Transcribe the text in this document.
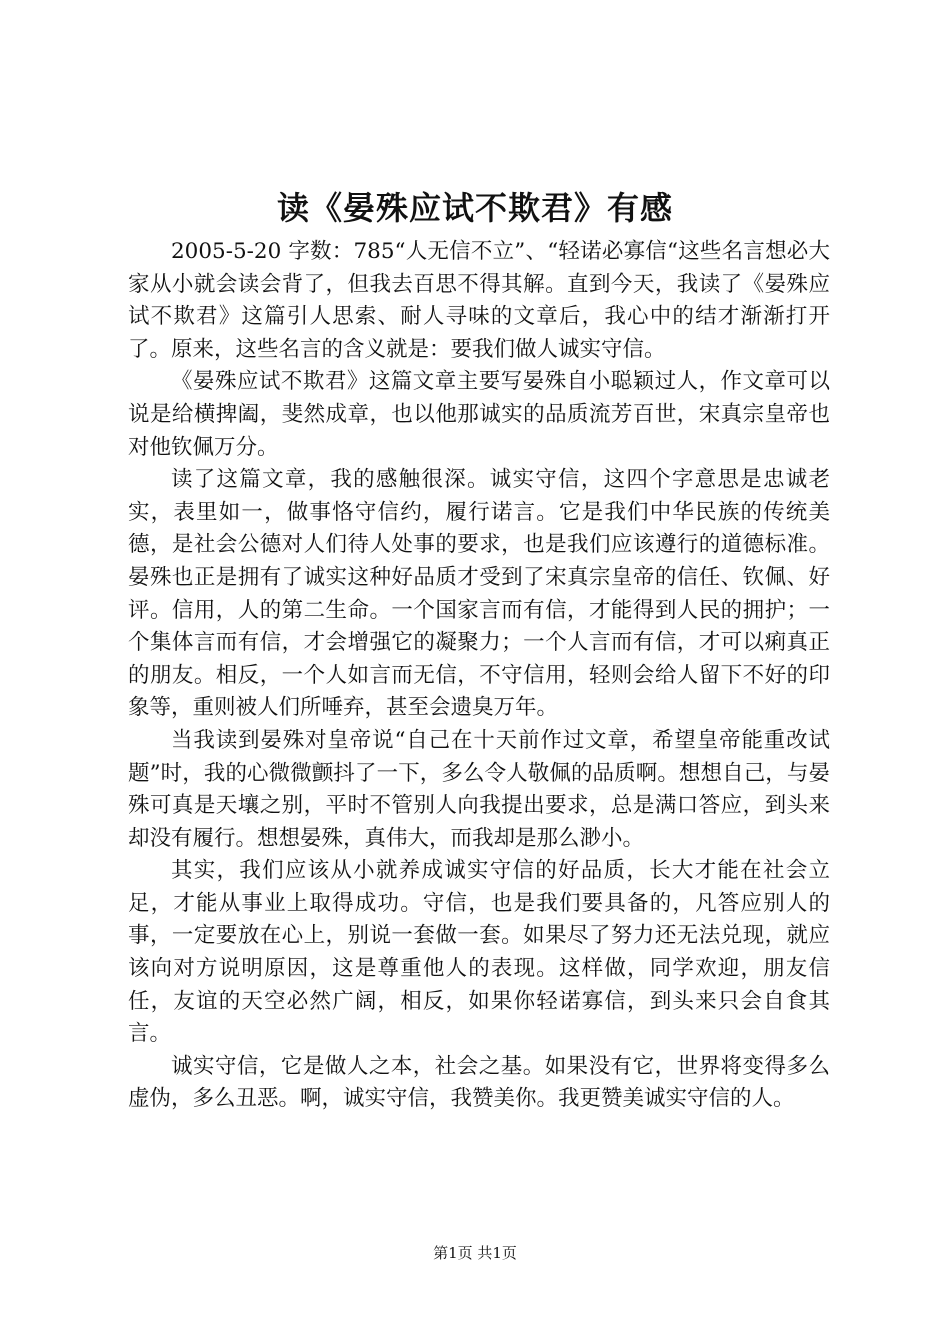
读《晏殊应试不欺君》有感

2005-5-20 字数：785“人无信不立”、“轻诺必寡信“这些名言想必大家从小就会读会背了，但我去百思不得其解。直到今天，我读了《晏殊应试不欺君》这篇引人思索、耐人寻味的文章后，我心中的结才渐渐打开了。原来，这些名言的含义就是：要我们做人诚实守信。

《晏殊应试不欺君》这篇文章主要写晏殊自小聪颖过人，作文章可以说是给横捭阖，斐然成章，也以他那诚实的品质流芳百世，宋真宗皇帝也对他钦佩万分。

读了这篇文章，我的感触很深。诚实守信，这四个字意思是忠诚老实，表里如一，做事恪守信约，履行诺言。它是我们中华民族的传统美德，是社会公德对人们待人处事的要求，也是我们应该遵行的道德标准。晏殊也正是拥有了诚实这种好品质才受到了宋真宗皇帝的信任、钦佩、好评。信用，人的第二生命。一个国家言而有信，才能得到人民的拥护；一个集体言而有信，才会增强它的凝聚力；一个人言而有信，才可以痢真正的朋友。相反，一个人如言而无信，不守信用，轻则会给人留下不好的印象等，重则被人们所唾弃，甚至会遗臭万年。

当我读到晏殊对皇帝说“自己在十天前作过文章，希望皇帝能重改试题”时，我的心微微颤抖了一下，多么令人敬佩的品质啊。想想自己，与晏殊可真是天壤之别，平时不管别人向我提出要求，总是满口答应，到头来却没有履行。想想晏殊，真伟大，而我却是那么渺小。

其实，我们应该从小就养成诚实守信的好品质，长大才能在社会立足，才能从事业上取得成功。守信，也是我们要具备的，凡答应别人的事，一定要放在心上，别说一套做一套。如果尽了努力还无法兑现，就应该向对方说明原因，这是尊重他人的表现。这样做，同学欢迎，朋友信任，友谊的天空必然广阔，相反，如果你轻诺寡信，到头来只会自食其言。

诚实守信，它是做人之本，社会之基。如果没有它，世界将变得多么虚伪，多么丑恶。啊，诚实守信，我赞美你。我更赞美诚实守信的人。

第1页 共1页
